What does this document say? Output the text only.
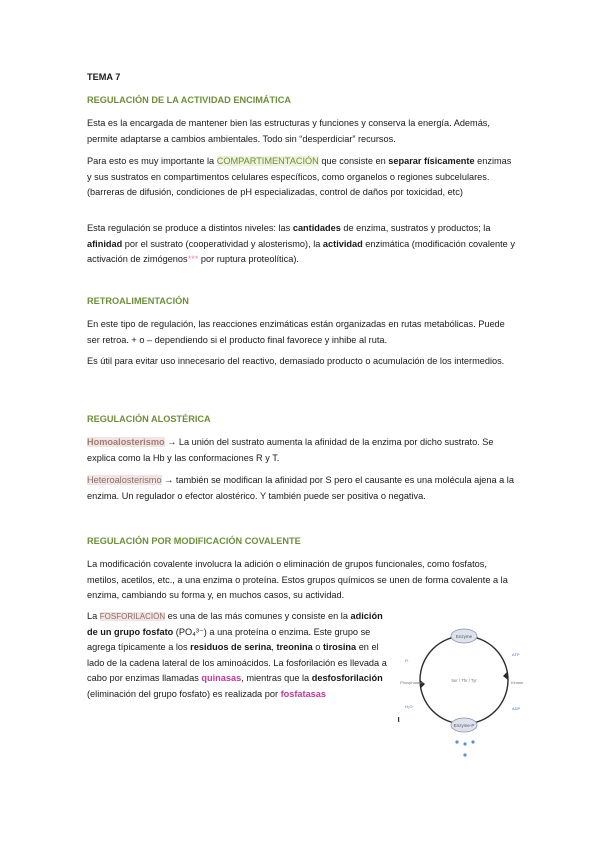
TEMA 7

REGULACIÓN DE LA ACTIVIDAD ENCIMÁTICA

Esta es la encargada de mantener bien las estructuras y funciones y conserva la energía. Además, permite adaptarse a cambios ambientales. Todo sin “desperdiciar” recursos.

Para esto es muy importante la COMPARTIMENTACIÓN que consiste en separar físicamente enzimas y sus sustratos en compartimentos celulares específicos, como organelos o regiones subcelulares. (barreras de difusión, condiciones de pH especializadas, control de daños por toxicidad, etc)

Esta regulación se produce a distintos niveles: las cantidades de enzima, sustratos y productos; la afinidad por el sustrato (cooperatividad y alosterismo), la actividad enzimática (modificación covalente y activación de zimógenos*** por ruptura proteolítica).

RETROALIMENTACIÓN

En este tipo de regulación, las reacciones enzimáticas están organizadas en rutas metabólicas. Puede ser retroa. + o – dependiendo si el producto final favorece y inhibe al ruta.

Es útil para evitar uso innecesario del reactivo, demasiado producto o acumulación de los intermedios.

REGULACIÓN ALOSTÉRICA

Homoalosterismo → La unión del sustrato aumenta la afinidad de la enzima por dicho sustrato. Se explica como la Hb y las conformaciones R y T.

Heteroalosterismo → también se modifican la afinidad por S pero el causante es una molécula ajena a la enzima. Un regulador o efector alostérico. Y también puede ser positiva o negativa.

REGULACIÓN POR MODIFICACIÓN COVALENTE

La modificación covalente involucra la adición o eliminación de grupos funcionales, como fosfatos, metilos, acetilos, etc., a una enzima o proteína. Estos grupos químicos se unen de forma covalente a la enzima, cambiando su forma y, en muchos casos, su actividad.

La FOSFORILACIÓN es una de las más comunes y consiste en la adición de un grupo fosfato (PO₄³⁻) a una proteína o enzima. Este grupo se agrega típicamente a los residuos de serina, treonina o tirosina en el lado de la cadena lateral de los aminoácidos. La fosforilación es llevada a cabo por enzimas llamadas quinasas, mientras que la desfosforilación (eliminación del grupo fosfato) es realizada por fosfatasas

Enzyme
Enzyme-P
Ser / Thr / Tyr
Phosphatase	Kinase
ATP
ADP
Pᵢ
H₂O
